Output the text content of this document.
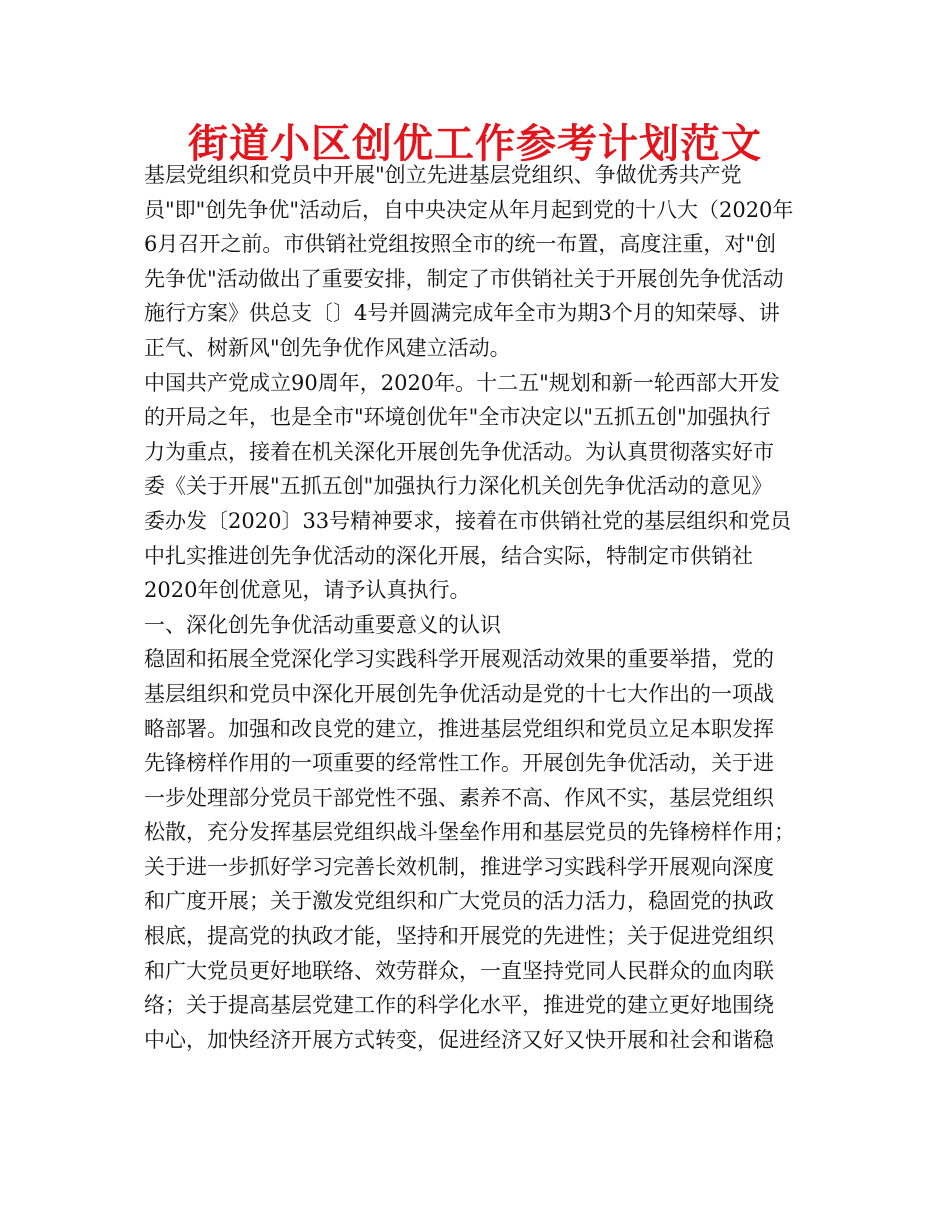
街道小区创优工作参考计划范文
基层党组织和党员中开展"创立先进基层党组织、争做优秀共产党
员"即"创先争优"活动后，自中央决定从年月起到党的十八大（2020年
6月召开之前。市供销社党组按照全市的统一布置，高度注重，对"创
先争优"活动做出了重要安排，制定了市供销社关于开展创先争优活动
施行方案》供总支〔〕4号并圆满完成年全市为期3个月的知荣辱、讲
正气、树新风"创先争优作风建立活动。
中国共产党成立90周年，2020年。十二五"规划和新一轮西部大开发
的开局之年，也是全市"环境创优年"全市决定以"五抓五创"加强执行
力为重点，接着在机关深化开展创先争优活动。为认真贯彻落实好市
委《关于开展"五抓五创"加强执行力深化机关创先争优活动的意见》
委办发〔2020〕33号精神要求，接着在市供销社党的基层组织和党员
中扎实推进创先争优活动的深化开展，结合实际，特制定市供销社
2020年创优意见，请予认真执行。
一、深化创先争优活动重要意义的认识
稳固和拓展全党深化学习实践科学开展观活动效果的重要举措，党的
基层组织和党员中深化开展创先争优活动是党的十七大作出的一项战
略部署。加强和改良党的建立，推进基层党组织和党员立足本职发挥
先锋榜样作用的一项重要的经常性工作。开展创先争优活动，关于进
一步处理部分党员干部党性不强、素养不高、作风不实，基层党组织
松散，充分发挥基层党组织战斗堡垒作用和基层党员的先锋榜样作用；
关于进一步抓好学习完善长效机制，推进学习实践科学开展观向深度
和广度开展；关于激发党组织和广大党员的活力活力，稳固党的执政
根底，提高党的执政才能，坚持和开展党的先进性；关于促进党组织
和广大党员更好地联络、效劳群众，一直坚持党同人民群众的血肉联
络；关于提高基层党建工作的科学化水平，推进党的建立更好地围绕
中心，加快经济开展方式转变，促进经济又好又快开展和社会和谐稳
